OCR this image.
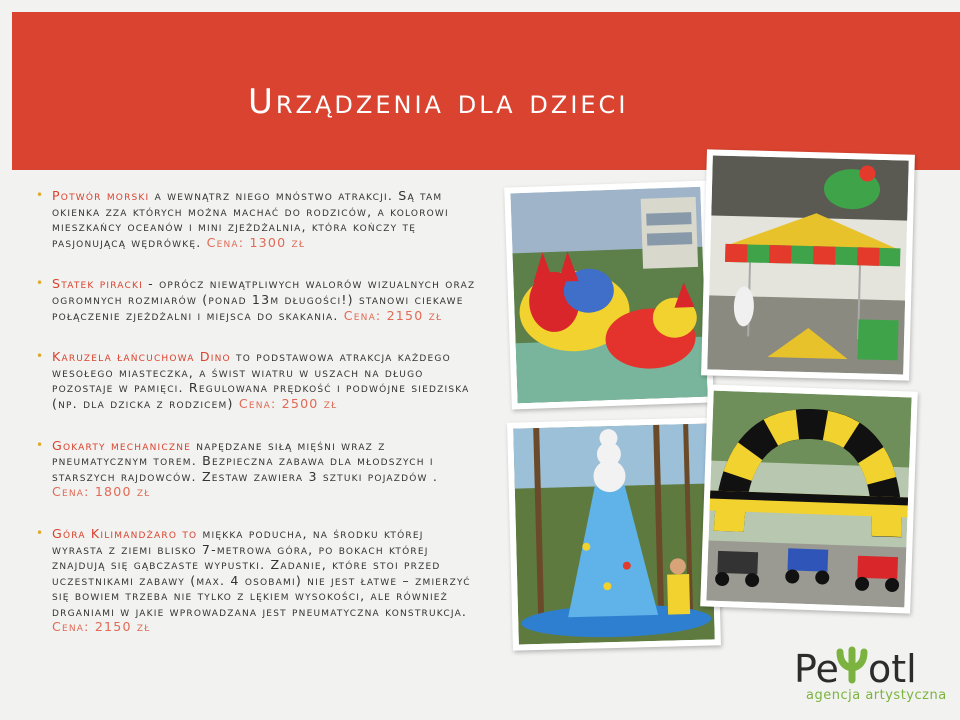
Urządzenia dla dzieci
• Potwór morski a wewnątrz niego mnóstwo atrakcji. Są tam okienka zza których można machać do rodziców, a kolorowi mieszkańcy oceanów i mini zjeżdżalnia, która kończy tę pasjonującą wędrówkę. Cena: 1300 zł
• Statek piracki - oprócz niewątpliwych walorów wizualnych oraz ogromnych rozmiarów (ponad 13m długości!) stanowi ciekawe połączenie zjeżdżalni i miejsca do skakania. Cena: 2150 zł
• Karuzela łańcuchowa Dino to podstawowa atrakcja każdego wesołego miasteczka, a świst wiatru w uszach na długo pozostaje w pamięci. Regulowana prędkość i podwójne siedziska (np. dla dzicka z rodzicem) Cena: 2500 zł
• Gokarty mechaniczne napędzane siłą mięśni wraz z pneumatycznym torem. Bezpieczna zabawa dla młodszych i starszych rajdowców. Zestaw zawiera 3 sztuki pojazdów . Cena: 1800 zł
• Góra Kilimandżaro to miękka poducha, na środku której wyrasta z ziemi blisko 7-metrowa góra, po bokach której znajdują się gąbczaste wypustki. Zadanie, które stoi przed uczestnikami zabawy (max. 4 osobami) nie jest łatwe – zmierzyć się bowiem trzeba nie tylko z lękiem wysokości, ale również drganiami w jakie wprowadzana jest pneumatyczna konstrukcja. Cena: 2150 zł
Pe otl
agencja artystyczna
